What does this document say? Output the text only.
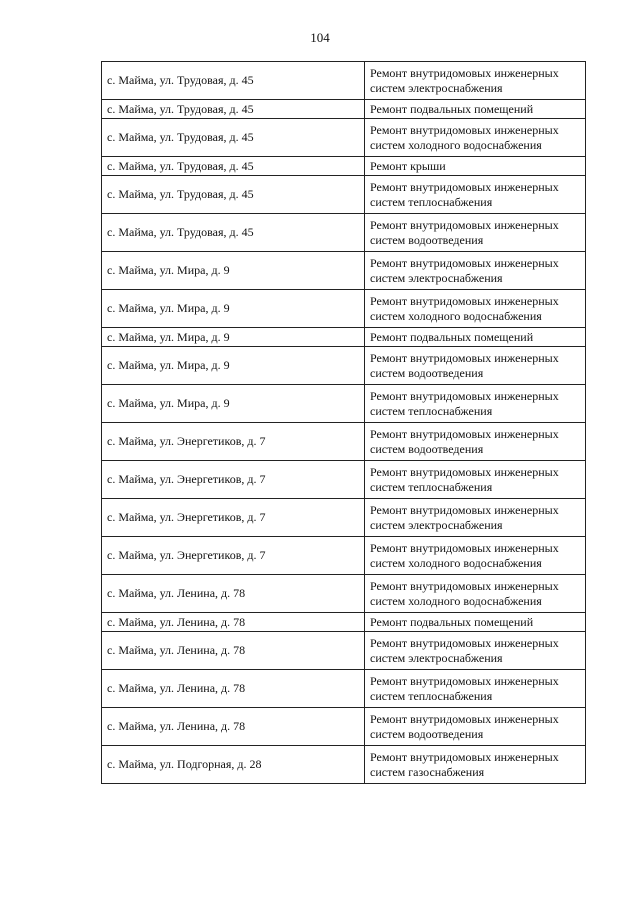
104
с. Майма, ул. Трудовая, д. 45	Ремонт внутридомовых инженерных систем электроснабжения
с. Майма, ул. Трудовая, д. 45	Ремонт подвальных помещений
с. Майма, ул. Трудовая, д. 45	Ремонт внутридомовых инженерных систем холодного водоснабжения
с. Майма, ул. Трудовая, д. 45	Ремонт крыши
с. Майма, ул. Трудовая, д. 45	Ремонт внутридомовых инженерных систем теплоснабжения
с. Майма, ул. Трудовая, д. 45	Ремонт внутридомовых инженерных систем водоотведения
с. Майма, ул. Мира, д. 9	Ремонт внутридомовых инженерных систем электроснабжения
с. Майма, ул. Мира, д. 9	Ремонт внутридомовых инженерных систем холодного водоснабжения
с. Майма, ул. Мира, д. 9	Ремонт подвальных помещений
с. Майма, ул. Мира, д. 9	Ремонт внутридомовых инженерных систем водоотведения
с. Майма, ул. Мира, д. 9	Ремонт внутридомовых инженерных систем теплоснабжения
с. Майма, ул. Энергетиков, д. 7	Ремонт внутридомовых инженерных систем водоотведения
с. Майма, ул. Энергетиков, д. 7	Ремонт внутридомовых инженерных систем теплоснабжения
с. Майма, ул. Энергетиков, д. 7	Ремонт внутридомовых инженерных систем электроснабжения
с. Майма, ул. Энергетиков, д. 7	Ремонт внутридомовых инженерных систем холодного водоснабжения
с. Майма, ул. Ленина, д. 78	Ремонт внутридомовых инженерных систем холодного водоснабжения
с. Майма, ул. Ленина, д. 78	Ремонт подвальных помещений
с. Майма, ул. Ленина, д. 78	Ремонт внутридомовых инженерных систем электроснабжения
с. Майма, ул. Ленина, д. 78	Ремонт внутридомовых инженерных систем теплоснабжения
с. Майма, ул. Ленина, д. 78	Ремонт внутридомовых инженерных систем водоотведения
с. Майма, ул. Подгорная, д. 28	Ремонт внутридомовых инженерных систем газоснабжения
